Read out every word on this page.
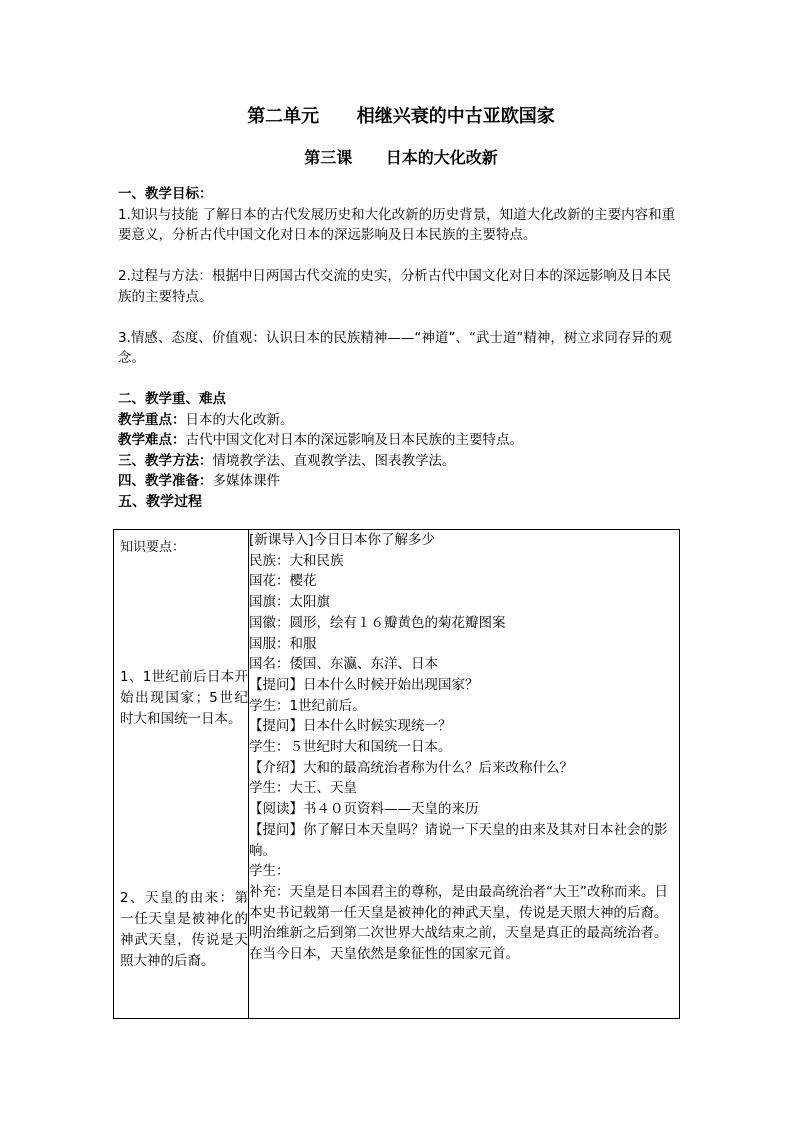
第二单元      相继兴衰的中古亚欧国家
第三课      日本的大化改新

一、教学目标：

1.知识与技能 了解日本的古代发展历史和大化改新的历史背景，知道大化改新的主要内容和重要意义，分析古代中国文化对日本的深远影响及日本民族的主要特点。

2.过程与方法：根据中日两国古代交流的史实，分析古代中国文化对日本的深远影响及日本民族的主要特点。

3.情感、态度、价值观：认识日本的民族精神——“神道”、“武士道”精神，树立求同存异的观念。

二、教学重、难点

教学重点：日本的大化改新。

教学难点：古代中国文化对日本的深远影响及日本民族的主要特点。

三、教学方法：情境教学法、直观教学法、图表教学法。

四、教学准备：多媒体课件

五、教学过程

知识要点：
1、1世纪前后日本开始出现国家；5世纪时大和国统一日本。
2、天皇的由来：第一任天皇是被神化的神武天皇，传说是天照大神的后裔。

[新课导入]今日日本你了解多少
民族：大和民族
国花：樱花
国旗：太阳旗
国徽：圆形，绘有１６瓣黄色的菊花瓣图案
国服：和服
国名：倭国、东瀛、东洋、日本
【提问】日本什么时候开始出现国家？
学生：1世纪前后。
【提问】日本什么时候实现统一？
学生：５世纪时大和国统一日本。
【介绍】大和的最高统治者称为什么？后来改称什么？
学生：大王、天皇
【阅读】书４０页资料——天皇的来历
【提问】你了解日本天皇吗？请说一下天皇的由来及其对日本社会的影响。
学生：
补充：天皇是日本国君主的尊称，是由最高统治者“大王”改称而来。日本史书记载第一任天皇是被神化的神武天皇，传说是天照大神的后裔。明治维新之后到第二次世界大战结束之前，天皇是真正的最高统治者。在当今日本，天皇依然是象征性的国家元首。
